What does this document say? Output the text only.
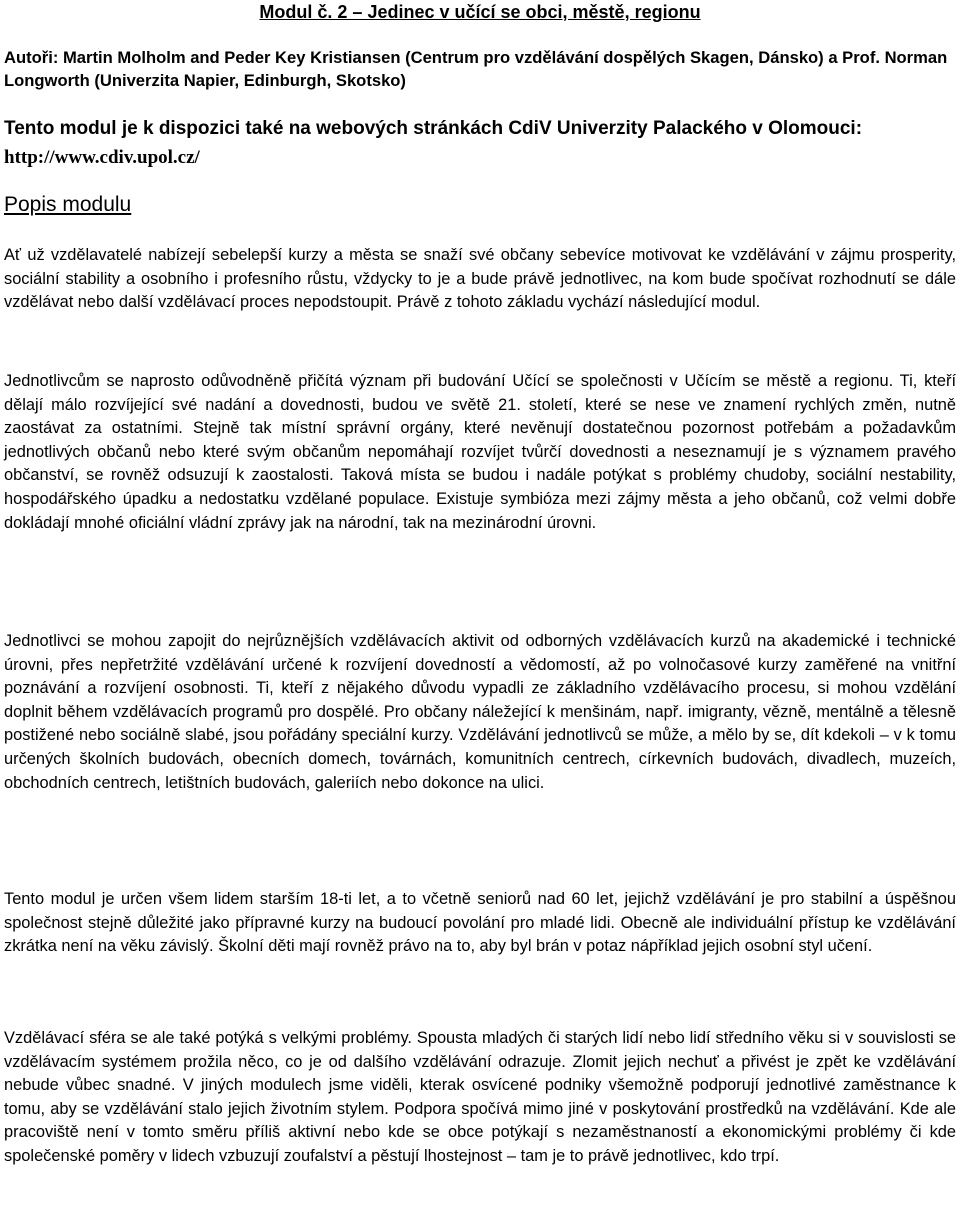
Modul č. 2 – Jedinec v učící se obci, městě, regionu

Autoři: Martin Molholm and Peder Key Kristiansen (Centrum pro vzdělávání dospělých Skagen, Dánsko) a Prof. Norman Longworth (Univerzita Napier, Edinburgh, Skotsko)

Tento modul je k dispozici také na webových stránkách CdiV Univerzity Palackého v Olomouci: http://www.cdiv.upol.cz/

Popis modulu

Ať už vzdělavatelé nabízejí sebelepší kurzy a města se snaží své občany sebevíce motivovat ke vzdělávání v zájmu prosperity, sociální stability a osobního i profesního růstu, vždycky to je a bude právě jednotlivec, na kom bude spočívat rozhodnutí se dále vzdělávat nebo další vzdělávací proces nepodstoupit. Právě z tohoto základu vychází následující modul.

Jednotlivcům se naprosto odůvodněně přičítá význam při budování Učící se společnosti v Učícím se městě a regionu. Ti, kteří dělají málo rozvíjející své nadání a dovednosti, budou ve světě 21. století, které se nese ve znamení rychlých změn, nutně zaostávat za ostatními. Stejně tak místní správní orgány, které nevěnují dostatečnou pozornost potřebám a požadavkům jednotlivých občanů nebo které svým občanům nepomáhají rozvíjet tvůrčí dovednosti a neseznamují je s významem pravého občanství, se rovněž odsuzují k zaostalosti. Taková místa se budou i nadále potýkat s problémy chudoby, sociální nestability, hospodářského úpadku a nedostatku vzdělané populace. Existuje symbióza mezi zájmy města a jeho občanů, což velmi dobře dokládají mnohé oficiální vládní zprávy jak na národní, tak na mezinárodní úrovni.

Jednotlivci se mohou zapojit do nejrůznějších vzdělávacích aktivit od odborných vzdělávacích kurzů na akademické i technické úrovni, přes nepřetržité vzdělávání určené k rozvíjení dovedností a vědomostí, až po volnočasové kurzy zaměřené na vnitřní poznávání a rozvíjení osobnosti. Ti, kteří z nějakého důvodu vypadli ze základního vzdělávacího procesu, si mohou vzdělání doplnit během vzdělávacích programů pro dospělé. Pro občany náležející k menšinám, např. imigranty, vězně, mentálně a tělesně postižené nebo sociálně slabé, jsou pořádány speciální kurzy. Vzdělávání jednotlivců se může, a mělo by se, dít kdekoli – v k tomu určených školních budovách, obecních domech, továrnách, komunitních centrech, církevních budovách, divadlech, muzeích, obchodních centrech, letištních budovách, galeriích nebo dokonce na ulici.

Tento modul je určen všem lidem starším 18-ti let, a to včetně seniorů nad 60 let, jejichž vzdělávání je pro stabilní a úspěšnou společnost stejně důležité jako přípravné kurzy na budoucí povolání pro mladé lidi. Obecně ale individuální přístup ke vzdělávání zkrátka není na věku závislý. Školní děti mají rovněž právo na to, aby byl brán v potaz nápříklad jejich osobní styl učení.

Vzdělávací sféra se ale také potýká s velkými problémy. Spousta mladých či starých lidí nebo lidí středního věku si v souvislosti se vzdělávacím systémem prožila něco, co je od dalšího vzdělávání odrazuje. Zlomit jejich nechuť a přivést je zpět ke vzdělávání nebude vůbec snadné. V jiných modulech jsme viděli, kterak osvícené podniky všemožně podporují jednotlivé zaměstnance k tomu, aby se vzdělávání stalo jejich životním stylem. Podpora spočívá mimo jiné v poskytování prostředků na vzdělávání. Kde ale pracoviště není v tomto směru příliš aktivní nebo kde se obce potýkají s nezaměstnaností a ekonomickými problémy či kde společenské poměry v lidech vzbuzují zoufalství a pěstují lhostejnost – tam je to právě jednotlivec, kdo trpí.
